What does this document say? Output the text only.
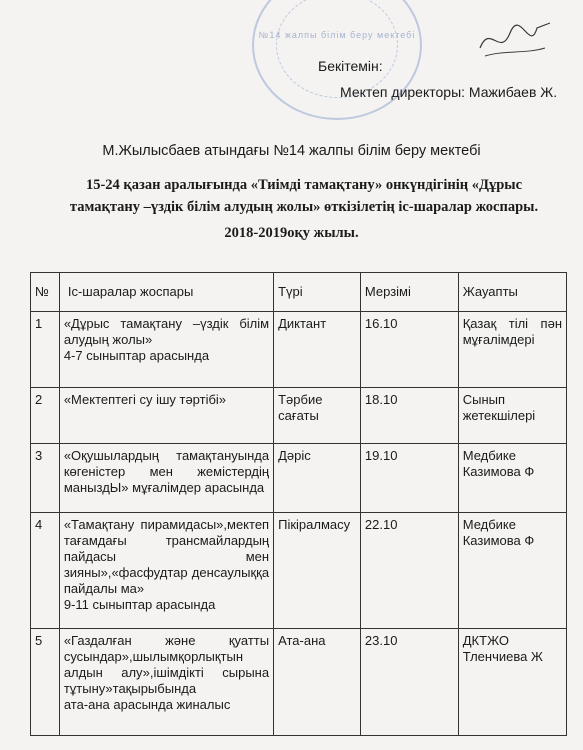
№14 жалпы білім беру мектебі
Бекітемін:
Мектеп директоры: Мажибаев Ж.
М.Жылысбаев атындағы №14 жалпы білім беру мектебі
15-24 қазан аралығында «Тиімді тамақтану» онкүндігінің «Дұрыс тамақтану –үздік білім алудың жолы» өткізілетің іс-шаралар жоспары.
2018-2019оқу жылы.
№	Іс-шаралар жоспары	Түрі	Мерзімі	Жауапты
1	«Дұрыс тамақтану –үздік білім алудың жолы»
4-7 сыныптар арасында	Диктант	16.10	Қазақ тілі пән мұғалімдері
2	«Мектептегі су ішу тәртібі»	Тәрбие сағаты	18.10	Сынып жетекшілері
3	«Оқушылардың тамақтануында көгеністер мен жемістердің маныздЫ» мұғалімдер арасында	Дәріс	19.10	Медбике Казимова Ф
4	«Тамақтану пирамидасы»,мектеп тағамдағы трансмайлардың пайдасы мен зияны»,«фасфудтар денсаулыққа пайдалы ма»
9-11 сыныптар арасында	Пікіралмасу	22.10	Медбике Казимова Ф
5	«Газдалған және қуатты сусындар»,шылымқорлықтын алдын алу»,ішімдікті сырына тұтыну»тақырыбында
ата-ана арасында жиналыс	Ата-ана	23.10	ДКТЖО Тленчиева Ж
